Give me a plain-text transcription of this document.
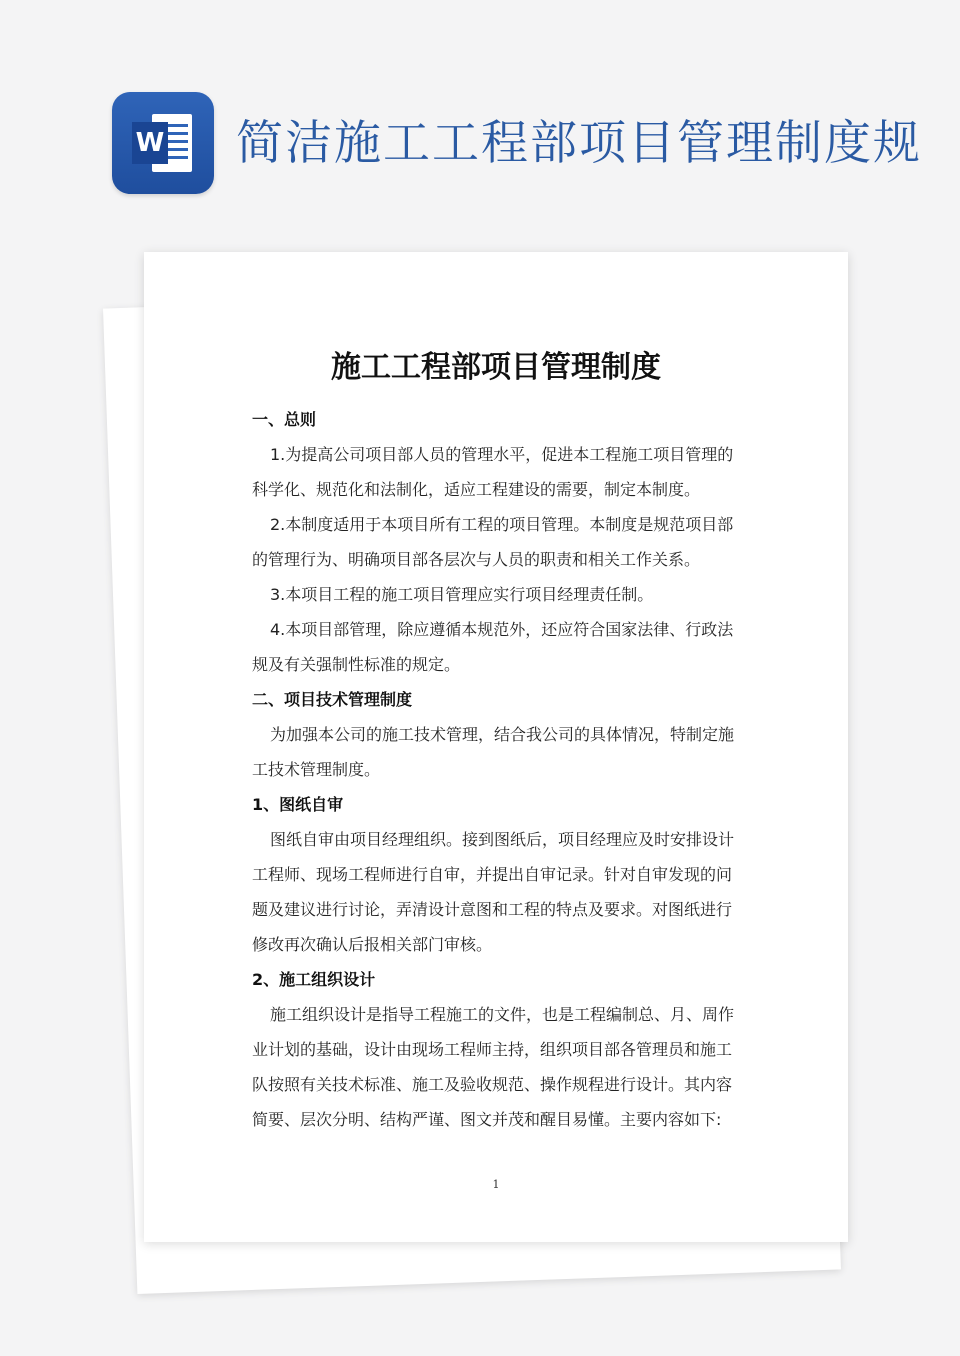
W 简洁施工工程部项目管理制度规
施工工程部项目管理制度

一、总则

1.为提高公司项目部人员的管理水平，促进本工程施工项目管理的

科学化、规范化和法制化，适应工程建设的需要，制定本制度。

2.本制度适用于本项目所有工程的项目管理。本制度是规范项目部

的管理行为、明确项目部各层次与人员的职责和相关工作关系。

3.本项目工程的施工项目管理应实行项目经理责任制。

4.本项目部管理，除应遵循本规范外，还应符合国家法律、行政法

规及有关强制性标准的规定。

二、项目技术管理制度

为加强本公司的施工技术管理，结合我公司的具体情况，特制定施

工技术管理制度。

1、图纸自审

图纸自审由项目经理组织。接到图纸后，项目经理应及时安排设计

工程师、现场工程师进行自审，并提出自审记录。针对自审发现的问

题及建议进行讨论，弄清设计意图和工程的特点及要求。对图纸进行

修改再次确认后报相关部门审核。

2、施工组织设计

施工组织设计是指导工程施工的文件，也是工程编制总、月、周作

业计划的基础，设计由现场工程师主持，组织项目部各管理员和施工

队按照有关技术标准、施工及验收规范、操作规程进行设计。其内容

简要、层次分明、结构严谨、图文并茂和醒目易懂。主要内容如下:

1
